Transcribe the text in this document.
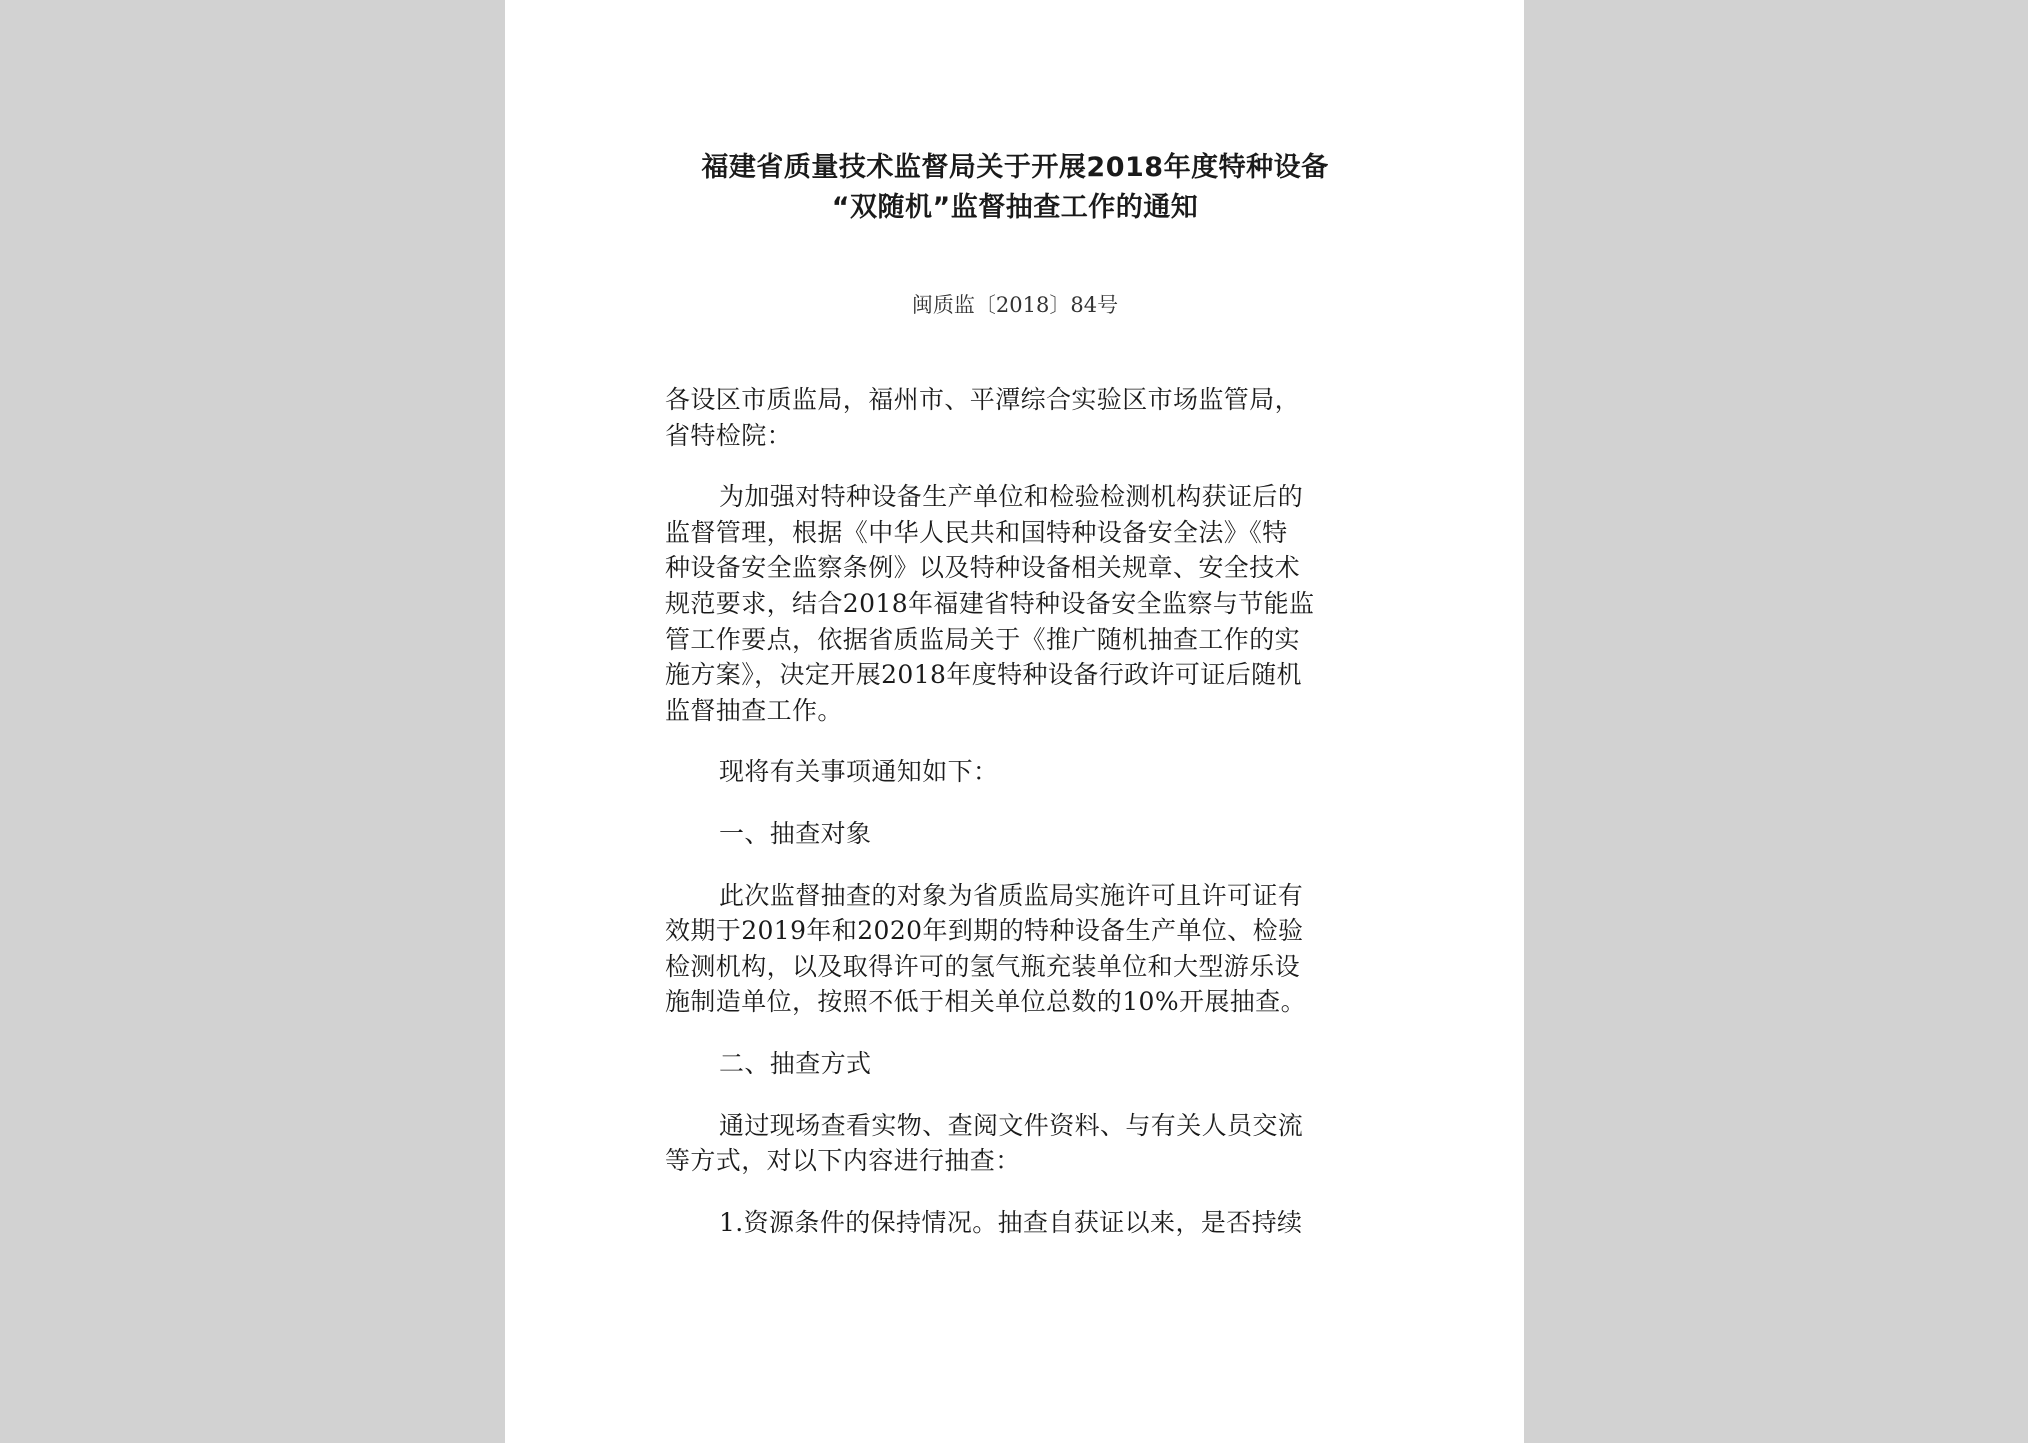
福建省质量技术监督局关于开展2018年度特种设备
“双随机”监督抽查工作的通知
闽质监〔2018〕84号

各设区市质监局，福州市、平潭综合实验区市场监管局，
省特检院：

为加强对特种设备生产单位和检验检测机构获证后的
监督管理，根据《中华人民共和国特种设备安全法》《特
种设备安全监察条例》以及特种设备相关规章、安全技术
规范要求，结合2018年福建省特种设备安全监察与节能监
管工作要点，依据省质监局关于《推广随机抽查工作的实
施方案》，决定开展2018年度特种设备行政许可证后随机
监督抽查工作。

现将有关事项通知如下：

一、抽查对象

此次监督抽查的对象为省质监局实施许可且许可证有
效期于2019年和2020年到期的特种设备生产单位、检验
检测机构，以及取得许可的氢气瓶充装单位和大型游乐设
施制造单位，按照不低于相关单位总数的10%开展抽查。

二、抽查方式

通过现场查看实物、查阅文件资料、与有关人员交流
等方式，对以下内容进行抽查：

1.资源条件的保持情况。抽查自获证以来，是否持续
